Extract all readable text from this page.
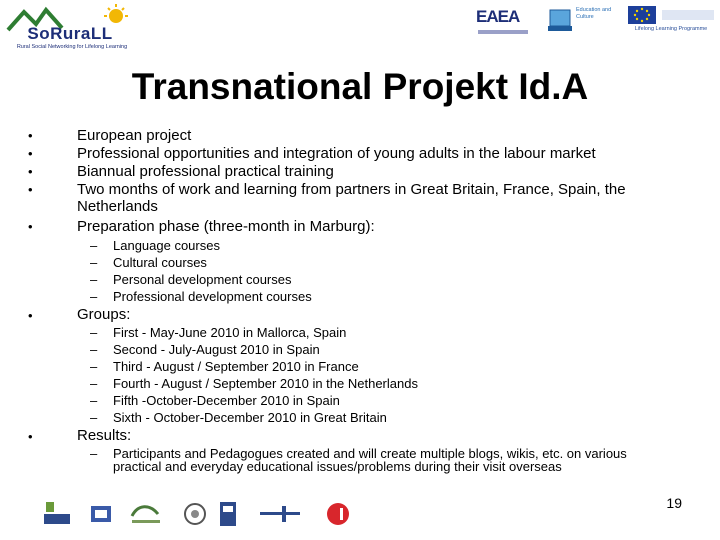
SoRuraLL
Rural Social Networking for Lifelong Learning
EAEA	Education and Culture
Lifelong Learning Programme
Transnational Projekt Id.A
•	European project
•	Professional opportunities and integration of young adults in the labour market
•	Biannual professional practical training
•	Two months of work and learning from partners in Great Britain, France, Spain, the
Netherlands
•	Preparation phase (three-month in Marburg):
– Language courses
– Cultural courses
– Personal development courses
– Professional development courses
•	Groups:
– First - May-June 2010 in Mallorca, Spain
– Second - July-August 2010 in Spain
– Third - August / September 2010 in France
– Fourth - August / September 2010 in the Netherlands
– Fifth -October-December 2010 in Spain
– Sixth - October-December 2010 in Great Britain
•	Results:
– Participants and Pedagogues created and will create multiple blogs, wikis, etc. on various
practical and everyday educational issues/problems during their visit overseas
19
